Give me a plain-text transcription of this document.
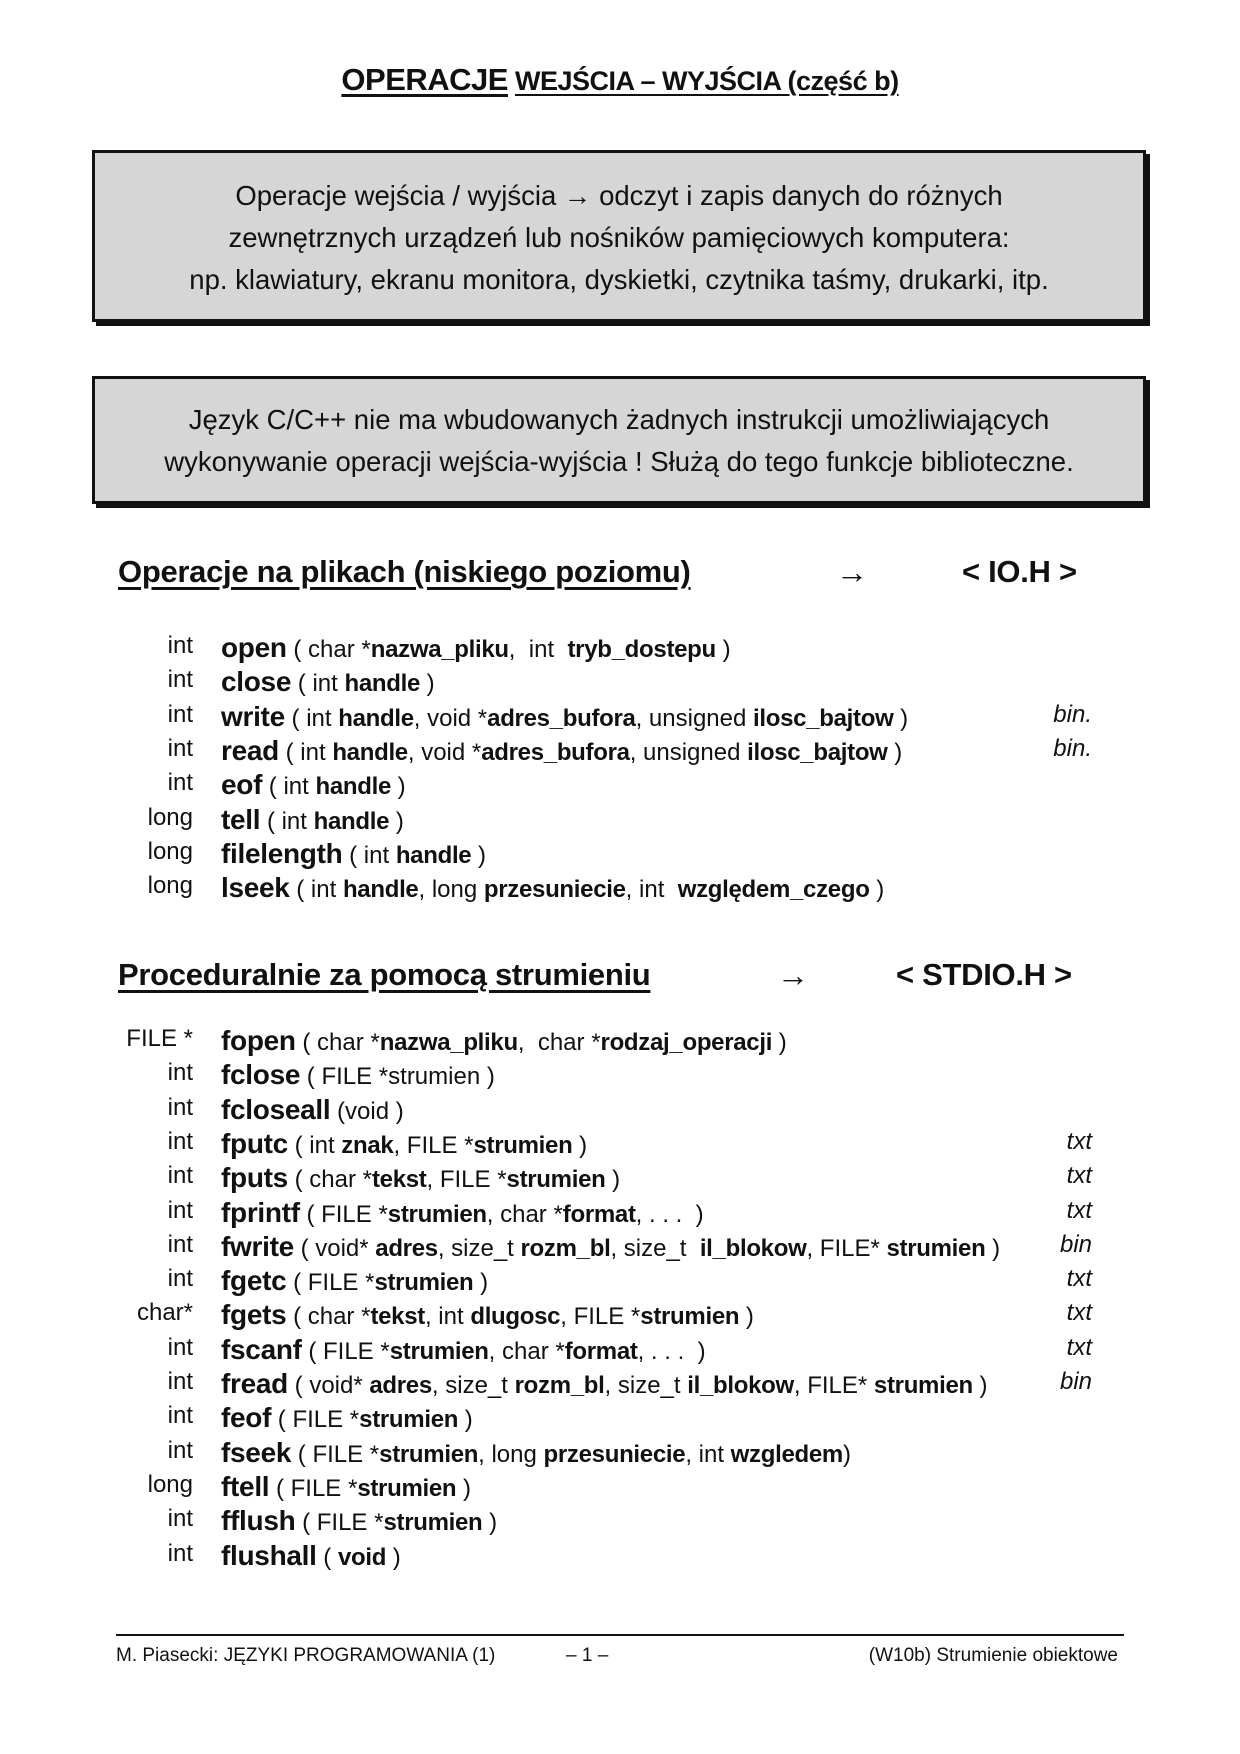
OPERACJE WEJŚCIA – WYJŚCIA (część b)
Operacje wejścia / wyjścia → odczyt i zapis danych do różnych
zewnętrznych urządzeń lub nośników pamięciowych komputera:
np. klawiatury, ekranu monitora, dyskietki, czytnika taśmy, drukarki, itp.
Język C/C++ nie ma wbudowanych żadnych instrukcji umożliwiających
wykonywanie operacji wejścia-wyjścia ! Służą do tego funkcje biblioteczne.
Operacje na plikach (niskiego poziomu)	→	< IO.H >
int open ( char *nazwa_pliku,  int  tryb_dostepu )
int close ( int handle )
int write ( int handle, void *adres_bufora, unsigned ilosc_bajtow )	bin.
int read ( int handle, void *adres_bufora, unsigned ilosc_bajtow )	bin.
int eof ( int handle )
long tell ( int handle )
long filelength ( int handle )
long lseek ( int handle, long przesuniecie, int  względem_czego )
Proceduralnie za pomocą strumieniu	→	< STDIO.H >
FILE * fopen ( char *nazwa_pliku,  char *rodzaj_operacji )
int fclose ( FILE *strumien )
int fcloseall (void )
int fputc ( int znak, FILE *strumien )	txt
int fputs ( char *tekst, FILE *strumien )	txt
int fprintf ( FILE *strumien, char *format, . . .  )	txt
int fwrite ( void* adres, size_t rozm_bl, size_t  il_blokow, FILE* strumien ) bin
int fgetc ( FILE *strumien )	txt
char* fgets ( char *tekst, int dlugosc, FILE *strumien )	txt
int fscanf ( FILE *strumien, char *format, . . .  )	txt
int fread ( void* adres, size_t rozm_bl, size_t il_blokow, FILE* strumien )	bin
int feof ( FILE *strumien )
int fseek ( FILE *strumien, long przesuniecie, int wzgledem)
long ftell ( FILE *strumien )
int fflush ( FILE *strumien )
int flushall ( void )
M. Piasecki: JĘZYKI PROGRAMOWANIA (1)	– 1 –	(W10b) Strumienie obiektowe
